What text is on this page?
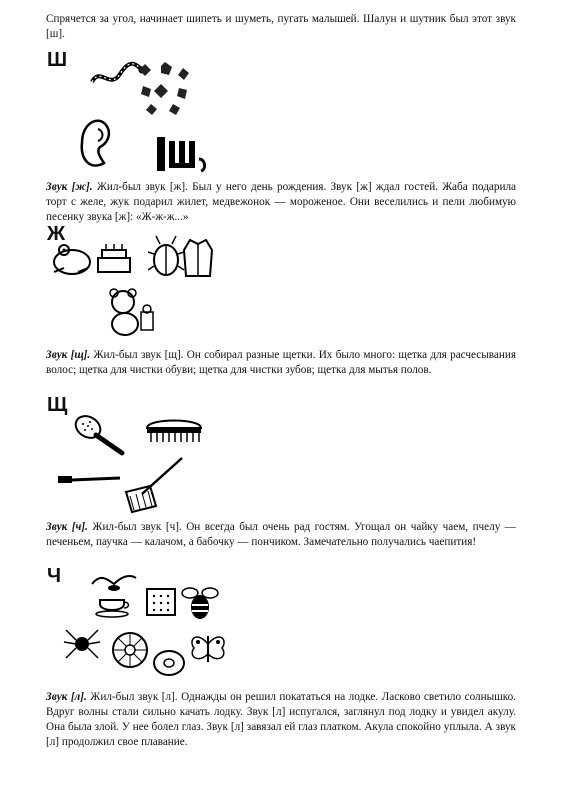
Спрячется за угол, начинает шипеть и шуметь, пугать малышей. Шалун и шутник был этот звук [ш].
Ш
Звук [ж]. Жил-был звук [ж]. Был у него день рождения. Звук [ж] ждал гостей. Жаба подарила торт с желе, жук подарил жилет, медвежонок — мороженое. Они веселились и пели любимую песенку звука [ж]: «Ж-ж-ж...»
Ж
Звук [щ]. Жил-был звук [щ]. Он собирал разные щетки. Их было много: щетка для расчесывания волос; щетка для чистки обуви; щетка для чистки зубов; щетка для мытья полов.
Щ
Звук [ч]. Жил-был звук [ч]. Он всегда был очень рад гостям. Угощал он чайку чаем, пчелу — печеньем, паучка — калачом, а бабочку — пончиком. Замечательно получались чаепития!
Ч
Звук [л]. Жил-был звук [л]. Однажды он решил покататься на лодке. Ласково светило солнышко. Вдруг волны стали сильно качать лодку. Звук [л] испугался, заглянул под лодку и увидел акулу. Она была злой. У нее болел глаз. Звук [л] завязал ей глаз платком. Акула спокойно уплыла. А звук [л] продолжил свое плавание.
